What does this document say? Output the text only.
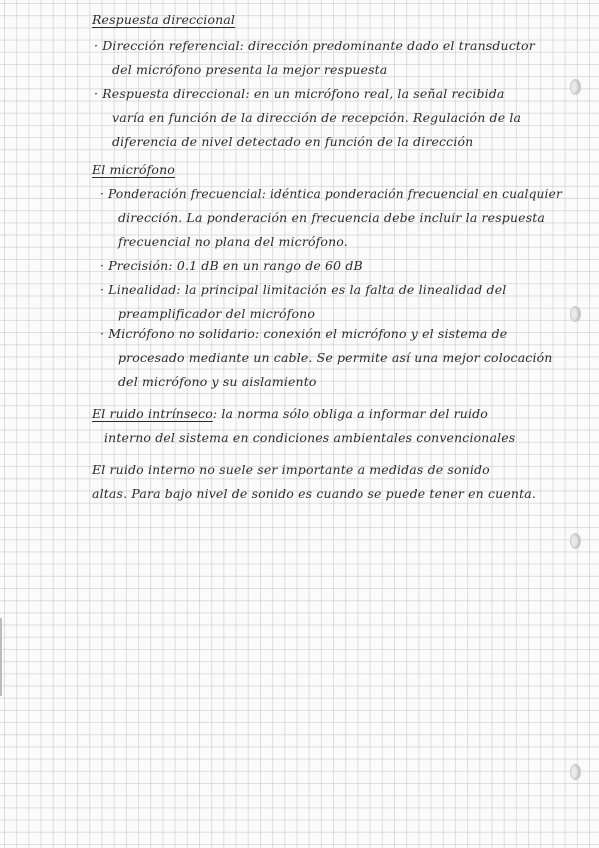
Respuesta direccional
· Dirección referencial: dirección predominante dado el transductor
del micrófono presenta la mejor respuesta
· Respuesta direccional: en un micrófono real, la señal recibida
varía en función de la dirección de recepción. Regulación de la
diferencia de nivel detectado en función de la dirección
El micrófono
· Ponderación frecuencial: idéntica ponderación frecuencial en cualquier
dirección. La ponderación en frecuencia debe incluir la respuesta
frecuencial no plana del micrófono.
· Precisión: 0.1 dB en un rango de 60 dB
· Linealidad: la principal limitación es la falta de linealidad del
preamplificador del micrófono
· Micrófono no solidario: conexión el micrófono y el sistema de
procesado mediante un cable. Se permite así una mejor colocación
del micrófono y su aislamiento
El ruido intrínseco: la norma sólo obliga a informar del ruido
interno del sistema en condiciones ambientales convencionales
El ruido interno no suele ser importante a medidas de sonido
altas. Para bajo nivel de sonido es cuando se puede tener en cuenta.
